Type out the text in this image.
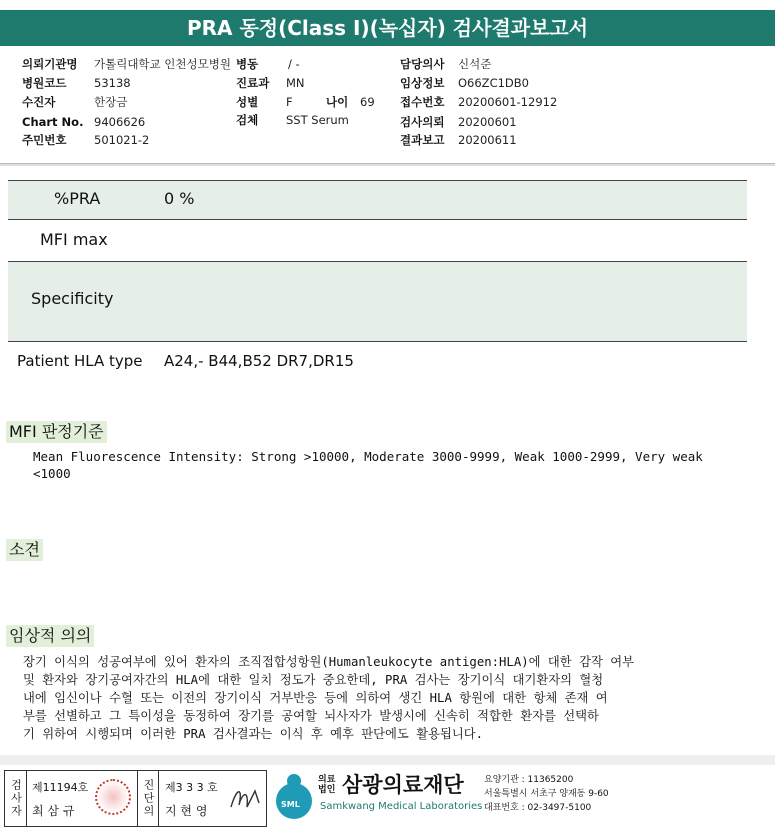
PRA 동정(Class I)(녹십자) 검사결과보고서
의뢰기관명 가톨릭대학교 인천성모병원
병원코드 53138
수진자	한장금
Chart No. 9406626
주민번호 501021-2
병동	/ -
진료과 MN
성별 F	나이 69
검체 SST Serum
담당의사 신석준
임상정보 O66ZC1DB0
접수번호 20200601-12912
검사의뢰 20200601
결과보고 20200611
%PRA	0 %
MFI max
Specificity
Patient HLA type A24,- B44,B52 DR7,DR15
MFI 판정기준
Mean Fluorescence Intensity: Strong >10000, Moderate 3000-9999, Weak 1000-2999, Very weak
<1000
소견
임상적 의의
장기 이식의 성공여부에 있어 환자의 조직접합성항원(Humanleukocyte antigen:HLA)에 대한 감작 여부
및 환자와 장기공여자간의 HLA에 대한 일치 정도가 중요한데, PRA 검사는 장기이식 대기환자의 혈청
내에 임신이나 수혈 또는 이전의 장기이식 거부반응 등에 의하여 생긴 HLA 항원에 대한 항체 존재 여
부를 선별하고 그 특이성을 동정하여 장기를 공여할 뇌사자가 발생시에 신속히 적합한 환자를 선택하
기 위하여 시행되며 이러한 PRA 검사결과는 이식 후 예후 판단에도 활용됩니다.
검사자 제11194호
최 삼 규	진단의 제3 3 3 호
지 현 영	SML
의료
법인 삼광의료재단
Samkwang Medical Laboratories
요양기관 : 11365200
서울특별시 서초구 양재동 9-60
대표번호 : 02-3497-5100
